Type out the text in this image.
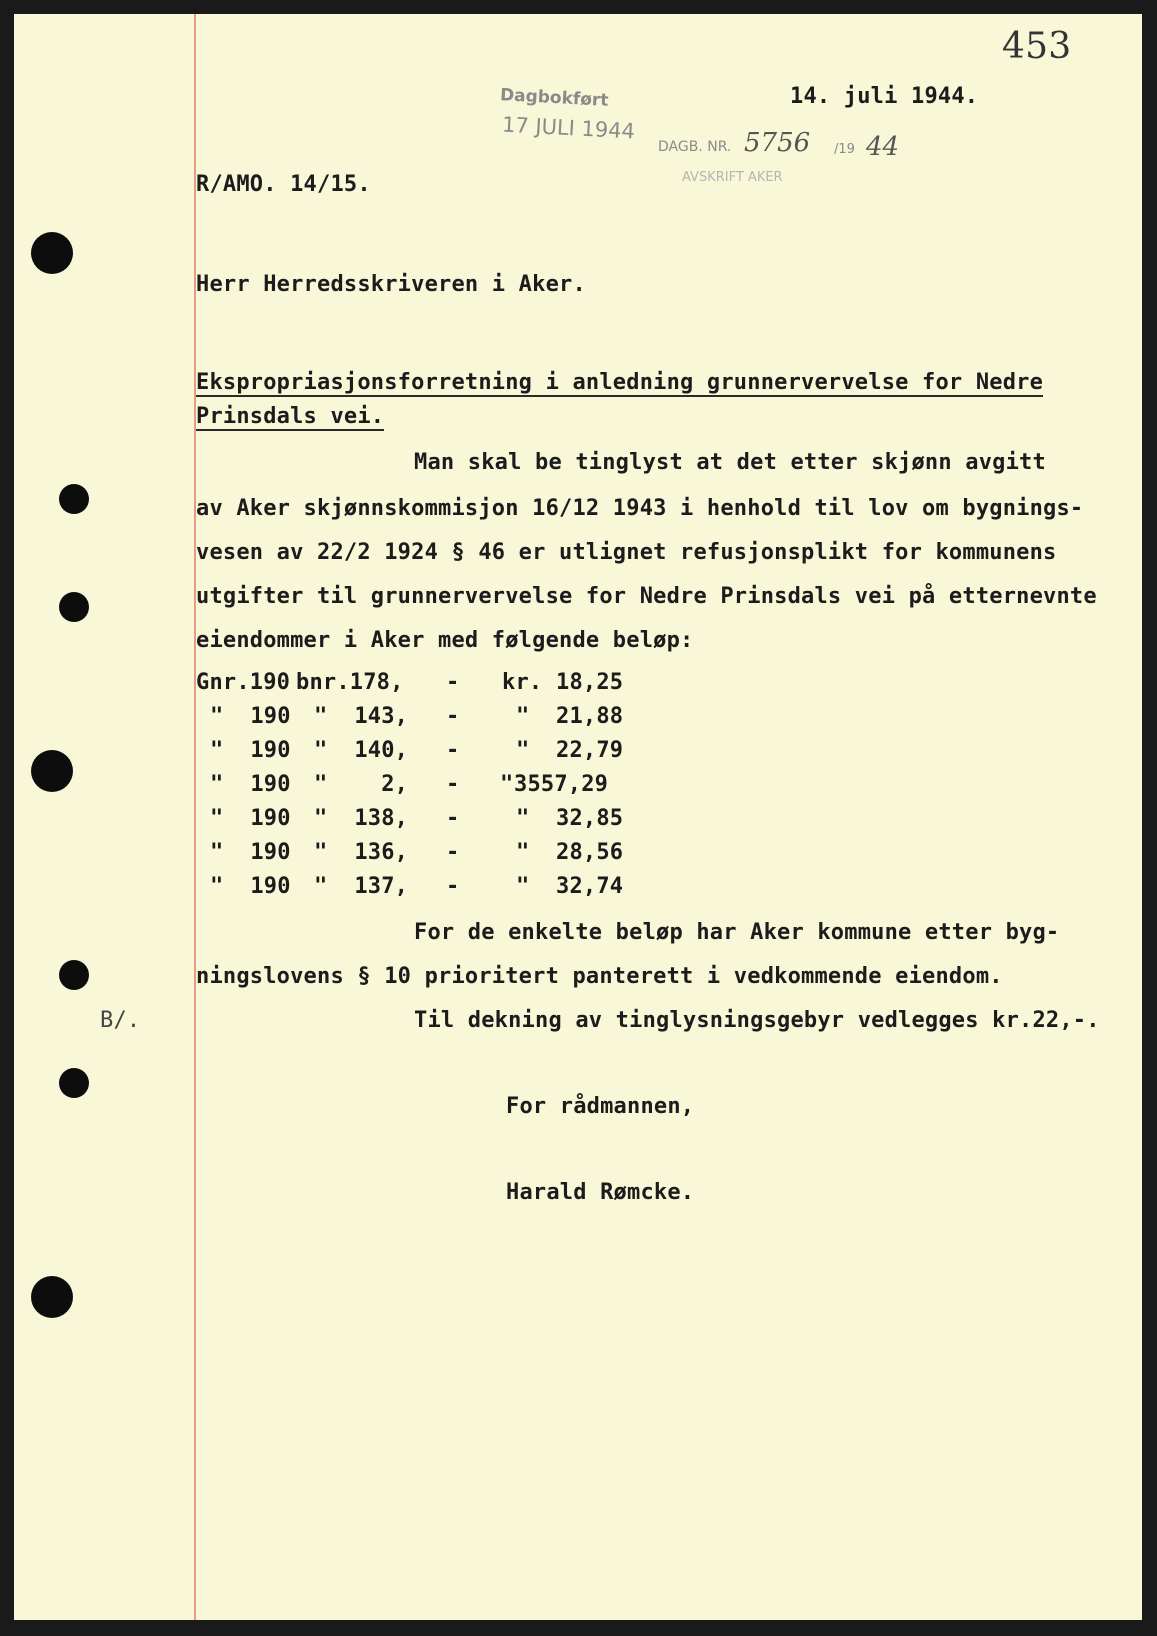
453
14. juli 1944.
Dagbokført
17 JULI 1944
DAGB. NR. 5756 /19 44
AVSKRIFT AKER
R/AMO. 14/15.
Herr Herredsskriveren i Aker.
Ekspropriasjonsforretning i anledning grunnervervelse for Nedre
Prinsdals vei.
Man skal be tinglyst at det etter skjønn avgitt
av Aker skjønnskommisjon 16/12 1943 i henhold til lov om bygnings-
vesen av 22/2 1924 § 46 er utlignet refusjonsplikt for kommunens
utgifter til grunnervervelse for Nedre Prinsdals vei på etternevnte
eiendommer i Aker med følgende beløp:
Gnr.190 bnr.178, - kr. 18,25
"  190 "  143, -	" 21,88
"  190 "  140, -	" 22,79
"  190 "    2, - " 3557,29
"  190 "  138, -	" 32,85
"  190 "  136, -	" 28,56
"  190 "  137, -	" 32,74
For de enkelte beløp har Aker kommune etter byg-
ningslovens § 10 prioritert panterett i vedkommende eiendom.
B/.	Til dekning av tinglysningsgebyr vedlegges kr.22,-.
For rådmannen,
Harald Rømcke.
